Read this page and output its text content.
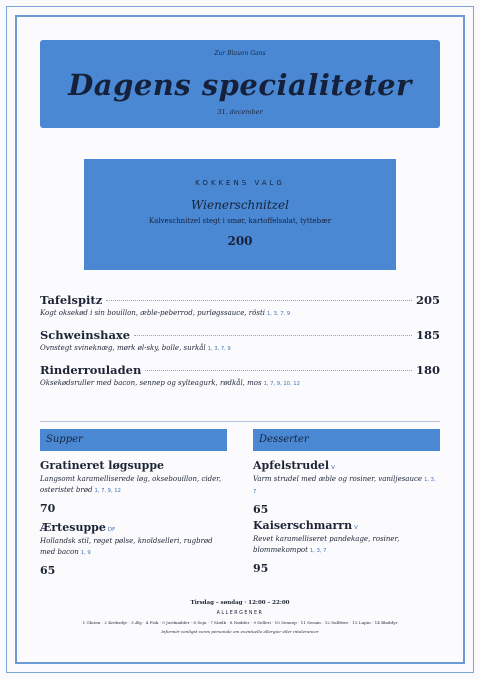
Zur Blauen Gans
Dagens specialiteter
31. december
KOKKENS VALG
Wienerschnitzel
Kalveschnitzel stegt i smør, kartoffelsalat, tyttebær
200
Tafelspitz	205
Kogt oksekød i sin bouillon, æble-peberrod, purløgssauce, rösti 1, 3, 7, 9
Schweinshaxe	185
Ovnstegt svineknæg, mørk øl-sky, bolle, surkål 1, 3, 7, 9
Rinderrouladen	180
Oksekødsruller med bacon, sennep og sylteagurk, rødkål, mos 1, 7, 9, 10, 12
Supper
Gratineret løgsuppe
Langsomt karamelliserede løg, oksebouillon, cider, osteristet brød 1, 7, 9, 12
70
Ærtesuppe DF
Hollandsk stil, røget pølse, knoldselleri, rugbrød med bacon 1, 9
65
Desserter
Apfelstrudel V
Varm strudel med æble og rosiner, vaniljesauce 1, 3, 7
65
Kaiserschmarrn V
Revet karamelliseret pandekage, rosiner, blommekompot 1, 3, 7
95
Tirsdag – søndag · 12:00 – 22:00
ALLERGENER
1 Gluten · 2 Krebsdyr · 3 Æg · 4 Fisk · 5 Jordnødder · 6 Soja · 7 Mælk · 8 Nødder · 9 Selleri · 10 Sennep · 11 Sesam · 12 Sulfitter · 13 Lupin · 14 Bløddyr
Informér venligst vores personale om eventuelle allergier eller intolerancer
